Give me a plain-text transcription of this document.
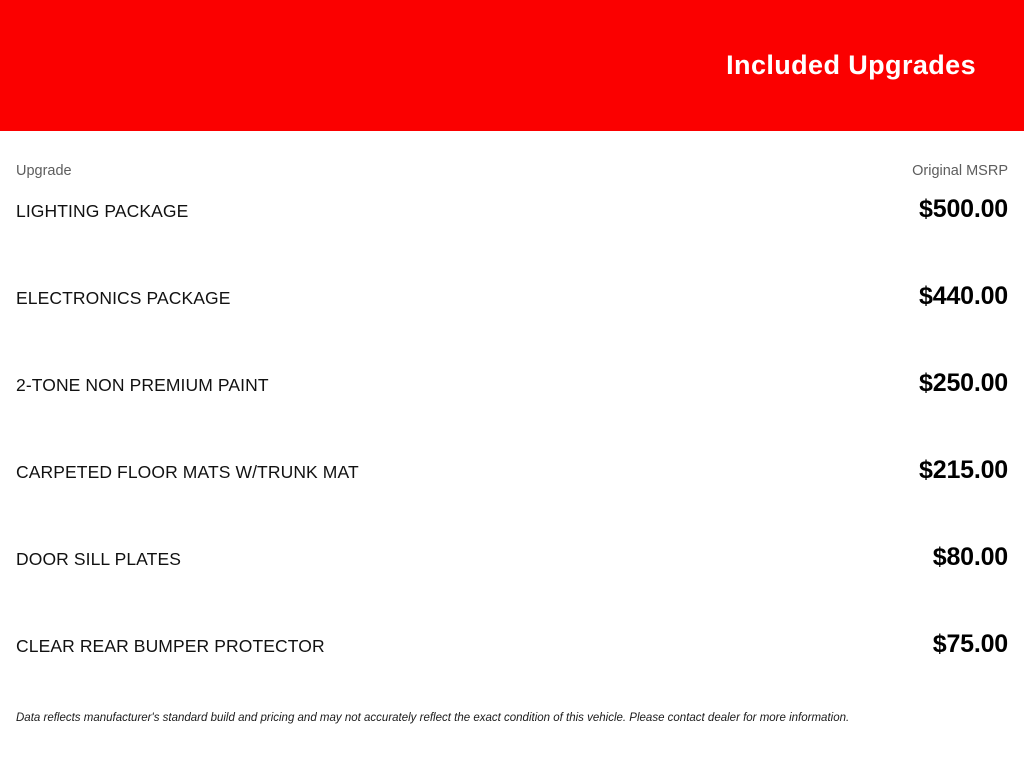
Included Upgrades
Upgrade	Original MSRP
LIGHTING PACKAGE	$500.00
ELECTRONICS PACKAGE	$440.00
2-TONE NON PREMIUM PAINT	$250.00
CARPETED FLOOR MATS W/TRUNK MAT	$215.00
DOOR SILL PLATES	$80.00
CLEAR REAR BUMPER PROTECTOR	$75.00
Data reflects manufacturer's standard build and pricing and may not accurately reflect the exact condition of this vehicle. Please contact dealer for more information.
